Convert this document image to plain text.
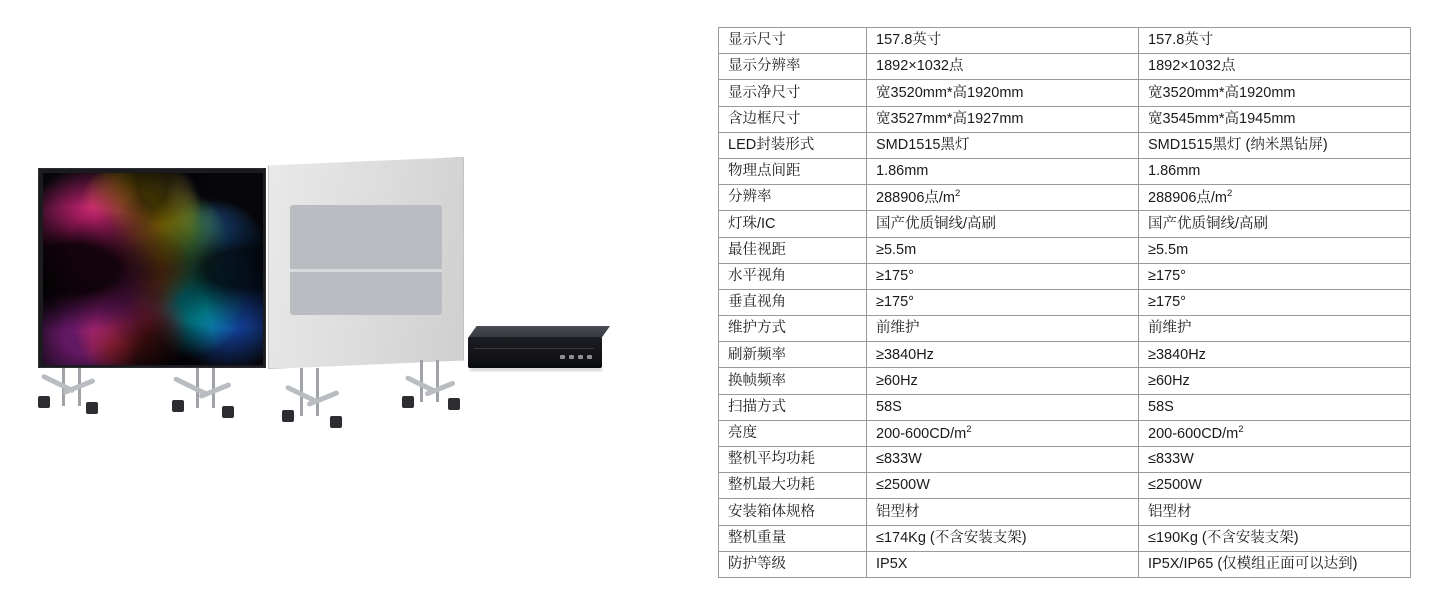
显示尺寸	157.8英寸	157.8英寸
显示分辨率	1892×1032点	1892×1032点
显示净尺寸	宽3520mm*高1920mm	宽3520mm*高1920mm
含边框尺寸	宽3527mm*高1927mm	宽3545mm*高1945mm
LED封装形式	SMD1515黑灯	SMD1515黑灯 (纳米黑钻屏)
物理点间距	1.86mm	1.86mm
分辨率	288906点$/m^2$	288906点$/m^2$
灯珠/IC	国产优质铜线/高刷	国产优质铜线/高刷
最佳视距	≥5.5m	≥5.5m
水平视角	≥175°	≥175°
垂直视角	≥175°	≥175°
维护方式	前维护	前维护
刷新频率	≥3840Hz	≥3840Hz
换帧频率	≥60Hz	≥60Hz
扫描方式	58S	58S
亮度	$200-600CD/m^2$	$200-600CD/m^2$
整机平均功耗	≤833W	≤833W
整机最大功耗	≤2500W	≤2500W
安装箱体规格	铝型材	铝型材
整机重量	≤174Kg (不含安装支架)	≤190Kg (不含安装支架)
防护等级	IP5X	IP5X/IP65 (仅模组正面可以达到)
